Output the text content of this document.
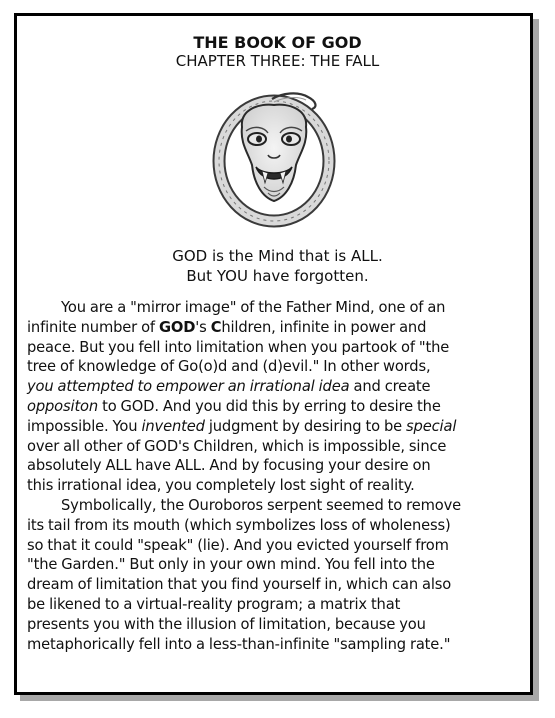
THE BOOK OF GOD
CHAPTER THREE: THE FALL
GOD is the Mind that is ALL.
But YOU have forgotten.
You are a "mirror image" of the Father Mind, one of an
infinite number of GOD's Children, infinite in power and
peace. But you fell into limitation when you partook of "the
tree of knowledge of Go(o)d and (d)evil." In other words,
you attempted to empower an irrational idea and create
oppositon to GOD. And you did this by erring to desire the
impossible. You invented judgment by desiring to be special
over all other of GOD's Children, which is impossible, since
absolutely ALL have ALL. And by focusing your desire on
this irrational idea, you completely lost sight of reality.
Symbolically, the Ouroboros serpent seemed to remove
its tail from its mouth (which symbolizes loss of wholeness)
so that it could "speak" (lie). And you evicted yourself from
"the Garden." But only in your own mind. You fell into the
dream of limitation that you find yourself in, which can also
be likened to a virtual-reality program; a matrix that
presents you with the illusion of limitation, because you
metaphorically fell into a less-than-infinite "sampling rate."
